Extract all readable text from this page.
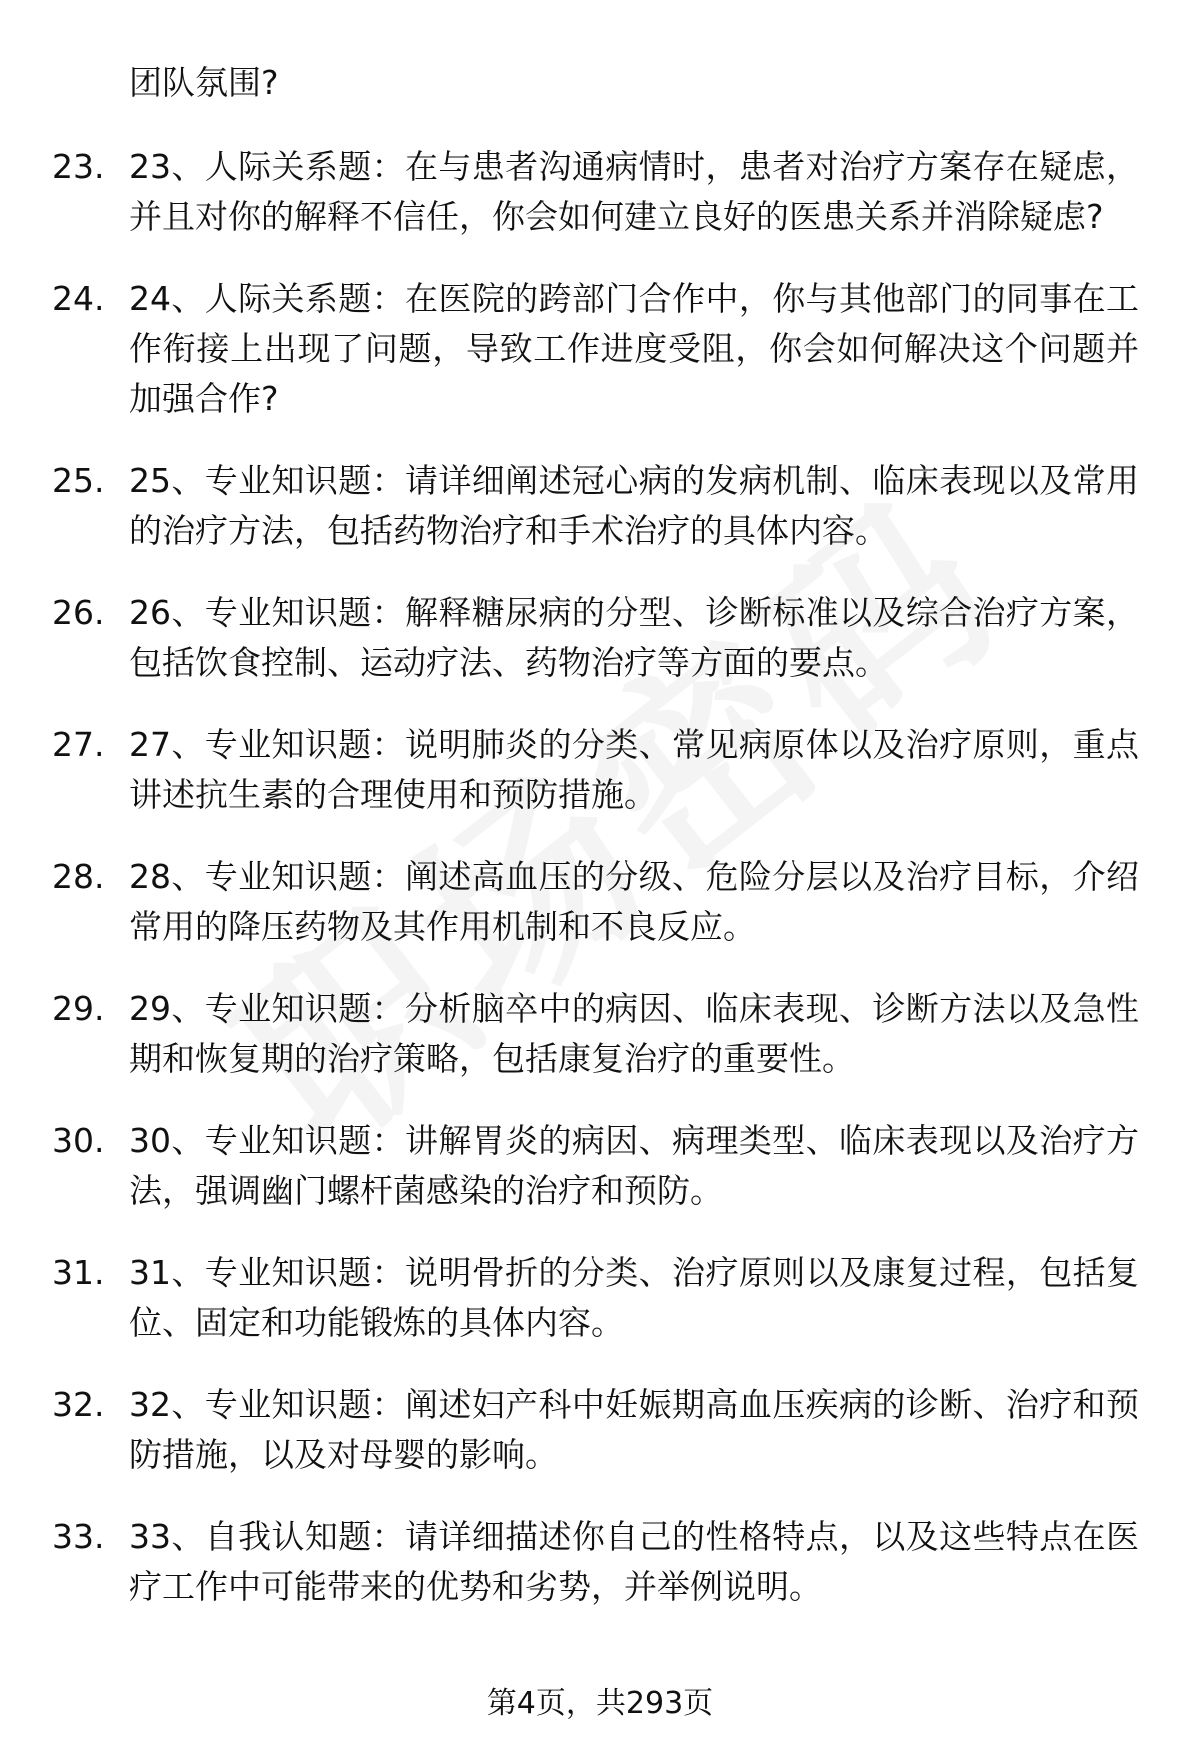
团队氛围?
23. 23、人际关系题：在与患者沟通病情时，患者对治疗方案存在疑虑，并且对你的解释不信任，你会如何建立良好的医患关系并消除疑虑?
24. 24、人际关系题：在医院的跨部门合作中，你与其他部门的同事在工作衔接上出现了问题，导致工作进度受阻，你会如何解决这个问题并加强合作?
25. 25、专业知识题：请详细阐述冠心病的发病机制、临床表现以及常用的治疗方法，包括药物治疗和手术治疗的具体内容。
26. 26、专业知识题：解释糖尿病的分型、诊断标准以及综合治疗方案，包括饮食控制、运动疗法、药物治疗等方面的要点。
27. 27、专业知识题：说明肺炎的分类、常见病原体以及治疗原则，重点讲述抗生素的合理使用和预防措施。
28. 28、专业知识题：阐述高血压的分级、危险分层以及治疗目标，介绍常用的降压药物及其作用机制和不良反应。
29. 29、专业知识题：分析脑卒中的病因、临床表现、诊断方法以及急性期和恢复期的治疗策略，包括康复治疗的重要性。
30. 30、专业知识题：讲解胃炎的病因、病理类型、临床表现以及治疗方法，强调幽门螺杆菌感染的治疗和预防。
31. 31、专业知识题：说明骨折的分类、治疗原则以及康复过程，包括复位、固定和功能锻炼的具体内容。
32. 32、专业知识题：阐述妇产科中妊娠期高血压疾病的诊断、治疗和预防措施，以及对母婴的影响。
33. 33、自我认知题：请详细描述你自己的性格特点，以及这些特点在医疗工作中可能带来的优势和劣势，并举例说明。
第4页，共293页
